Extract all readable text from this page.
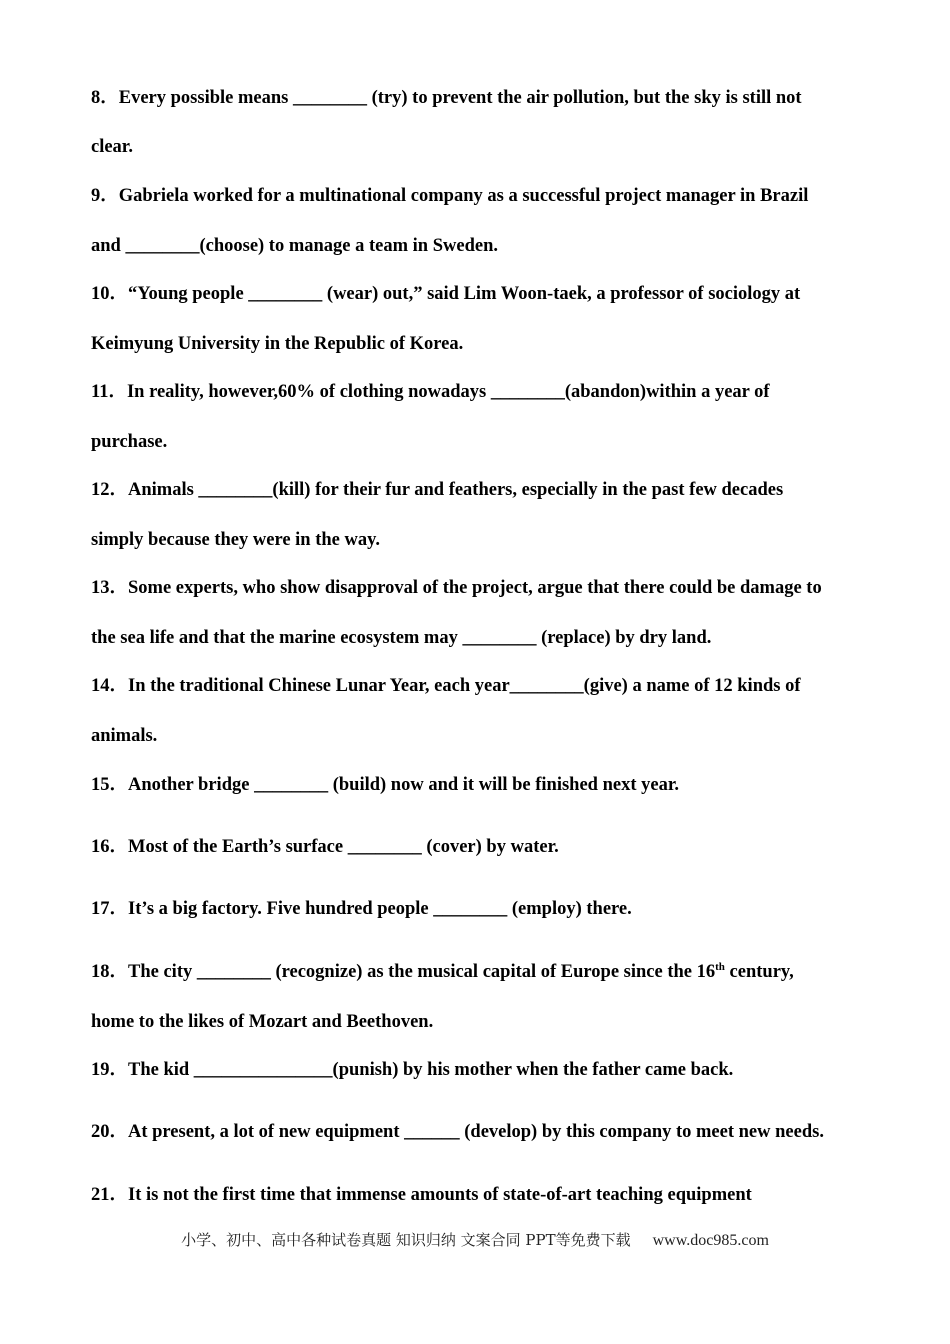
8．Every possible means ________ (try) to prevent the air pollution, but the sky is still not
clear.
9．Gabriela worked for a multinational company as a successful project manager in Brazil
and ________(choose) to manage a team in Sweden.
10．“Young people ________ (wear) out,” said Lim Woon-taek, a professor of sociology at
Keimyung University in the Republic of Korea.
11．In reality, however,60% of clothing nowadays ________(abandon)within a year of
purchase.
12．Animals ________(kill) for their fur and feathers, especially in the past few decades
simply because they were in the way.
13．Some experts, who show disapproval of the project, argue that there could be damage to
the sea life and that the marine ecosystem may ________ (replace) by dry land.
14．In the traditional Chinese Lunar Year, each year________(give) a name of 12 kinds of
animals.
15．Another bridge ________ (build) now and it will be finished next year.
16．Most of the Earth’s surface ________ (cover) by water.
17．It’s a big factory. Five hundred people ________ (employ) there.
18．The city ________ (recognize) as the musical capital of Europe since the 16th century,
home to the likes of Mozart and Beethoven.
19．The kid _______________(punish) by his mother when the father came back.
20．At present, a lot of new equipment ______ (develop) by this company to meet new needs.
21．It is not the first time that immense amounts of state-of-art teaching equipment
小学、初中、高中各种试卷真题 知识归纳 文案合同 PPT等免费下载 www.doc985.com
